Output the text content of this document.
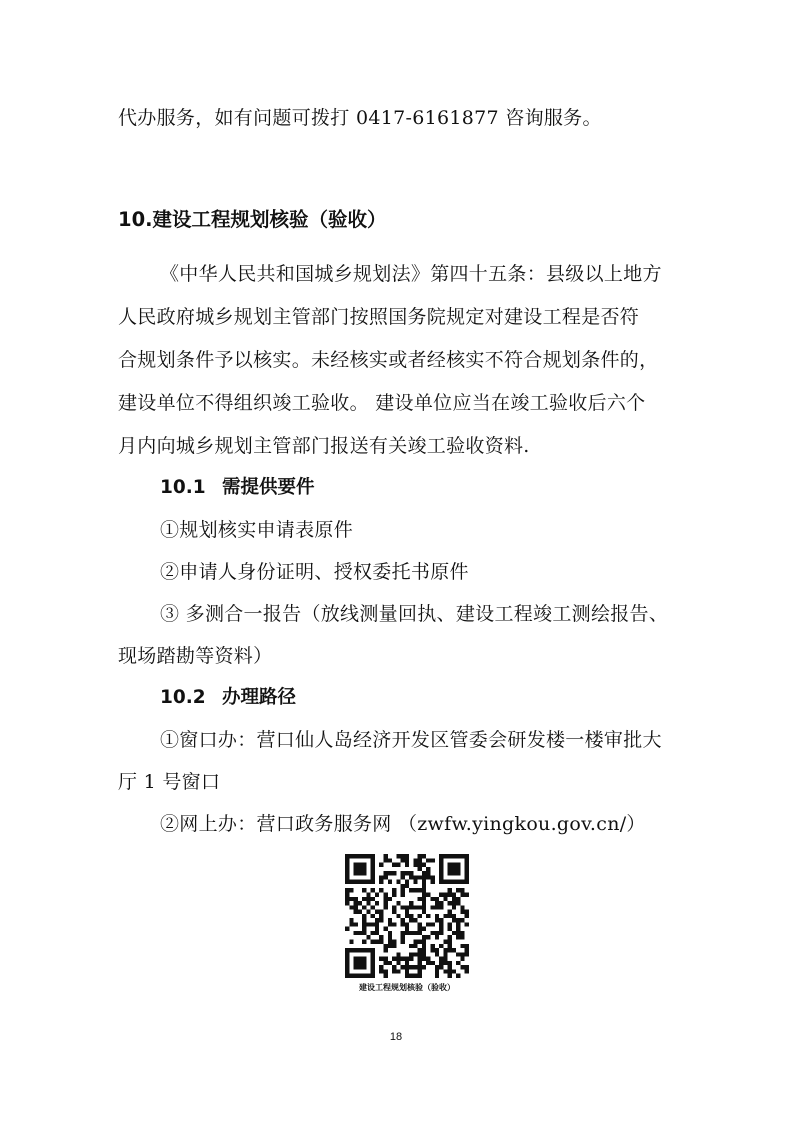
代办服务，如有问题可拨打 0417-6161877 咨询服务。
10.建设工程规划核验（验收）
《中华人民共和国城乡规划法》第四十五条：县级以上地方
人民政府城乡规划主管部门按照国务院规定对建设工程是否符
合规划条件予以核实。未经核实或者经核实不符合规划条件的，
建设单位不得组织竣工验收。 建设单位应当在竣工验收后六个
月内向城乡规划主管部门报送有关竣工验收资料.
10.1 需提供要件
①规划核实申请表原件
②申请人身份证明、授权委托书原件
③ 多测合一报告（放线测量回执、建设工程竣工测绘报告、
现场踏勘等资料）
10.2 办理路径
①窗口办：营口仙人岛经济开发区管委会研发楼一楼审批大
厅 1 号窗口
②网上办：营口政务服务网 （zwfw.yingkou.gov.cn/）
建设工程规划核验（验收）
18
